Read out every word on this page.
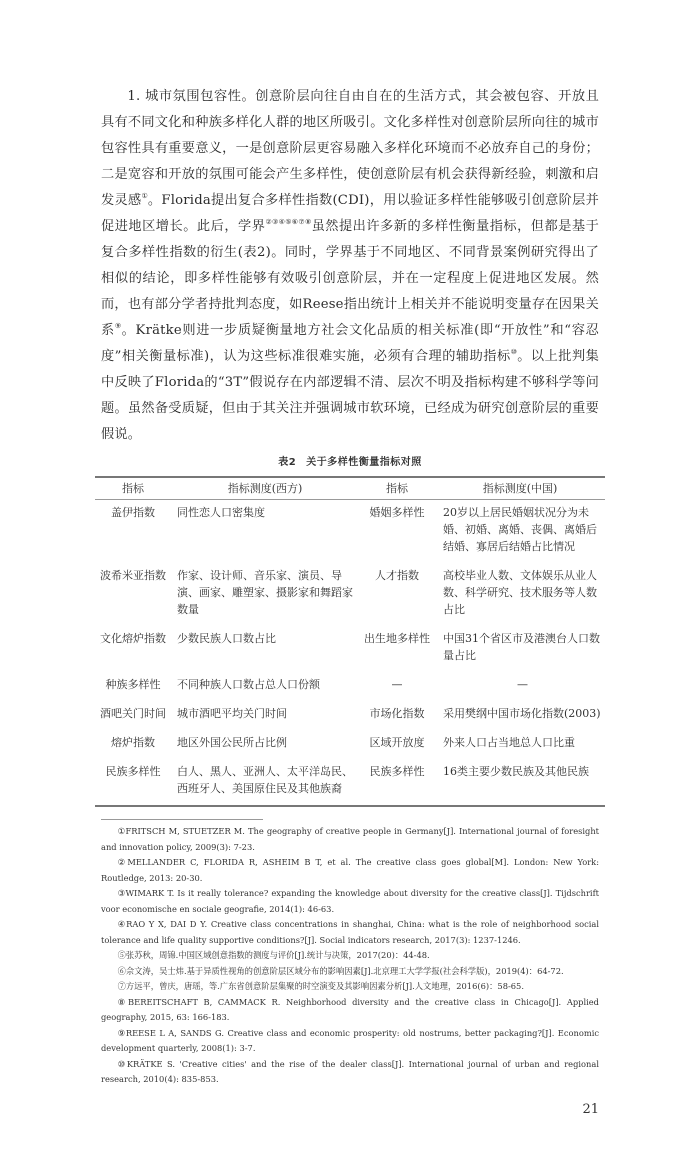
1. 城市氛围包容性。创意阶层向往自由自在的生活方式，其会被包容、开放且具有不同文化和种族多样化人群的地区所吸引。文化多样性对创意阶层所向往的城市包容性具有重要意义，一是创意阶层更容易融入多样化环境而不必放弃自己的身份；二是宽容和开放的氛围可能会产生多样性，使创意阶层有机会获得新经验，刺激和启发灵感①。Florida提出复合多样性指数(CDI)，用以验证多样性能够吸引创意阶层并促进地区增长。此后，学界②③④⑤⑥⑦⑧虽然提出许多新的多样性衡量指标，但都是基于复合多样性指数的衍生(表2)。同时，学界基于不同地区、不同背景案例研究得出了相似的结论，即多样性能够有效吸引创意阶层，并在一定程度上促进地区发展。然而，也有部分学者持批判态度，如Reese指出统计上相关并不能说明变量存在因果关系⑨。Krätke则进一步质疑衡量地方社会文化品质的相关标准(即“开放性”和“容忍度”相关衡量标准)，认为这些标准很难实施，必须有合理的辅助指标⑩。以上批判集中反映了Florida的“3T”假说存在内部逻辑不清、层次不明及指标构建不够科学等问题。虽然备受质疑，但由于其关注并强调城市软环境，已经成为研究创意阶层的重要假说。

表2 关于多样性衡量指标对照
指标	指标测度(西方)	指标	指标测度(中国)
盖伊指数	同性恋人口密集度	婚姻多样性	20岁以上居民婚姻状况分为未婚、初婚、离婚、丧偶、离婚后结婚、寡居后结婚占比情况
波希米亚指数	作家、设计师、音乐家、演员、导演、画家、雕塑家、摄影家和舞蹈家数量	人才指数	高校毕业人数、文体娱乐从业人数、科学研究、技术服务等人数占比
文化熔炉指数	少数民族人口数占比	出生地多样性	中国31个省区市及港澳台人口数量占比
种族多样性	不同种族人口数占总人口份额	—	—
酒吧关门时间	城市酒吧平均关门时间	市场化指数	采用樊纲中国市场化指数(2003)
熔炉指数	地区外国公民所占比例	区域开放度	外来人口占当地总人口比重
民族多样性	白人、黑人、亚洲人、太平洋岛民、西班牙人、美国原住民及其他族裔	民族多样性	16类主要少数民族及其他民族

①FRITSCH M, STUETZER M. The geography of creative people in Germany[J]. International journal of foresight and innovation policy, 2009(3): 7-23.

②MELLANDER C, FLORIDA R, ASHEIM B T, et al. The creative class goes global[M]. London: New York: Routledge, 2013: 20-30.

③WIMARK T. Is it really tolerance? expanding the knowledge about diversity for the creative class[J]. Tijdschrift voor economische en sociale geografie, 2014(1): 46-63.

④RAO Y X, DAI D Y. Creative class concentrations in shanghai, China: what is the role of neighborhood social tolerance and life quality supportive conditions?[J]. Social indicators research, 2017(3): 1237-1246.

⑤张苏秋，周锦.中国区域创意指数的测度与评价[J].统计与决策，2017(20)：44-48.

⑥佘文涛，吴士炜.基于异质性视角的创意阶层区域分布的影响因素[J].北京理工大学学报(社会科学版)，2019(4)：64-72.

⑦方远平，曾庆，唐瑶，等.广东省创意阶层集聚的时空演变及其影响因素分析[J].人文地理，2016(6)：58-65.

⑧BEREITSCHAFT B, CAMMACK R. Neighborhood diversity and the creative class in Chicago[J]. Applied geography, 2015, 63: 166-183.

⑨REESE L A, SANDS G. Creative class and economic prosperity: old nostrums, better packaging?[J]. Economic development quarterly, 2008(1): 3-7.

⑩KRÄTKE S. 'Creative cities' and the rise of the dealer class[J]. International journal of urban and regional research, 2010(4): 835-853.

21
